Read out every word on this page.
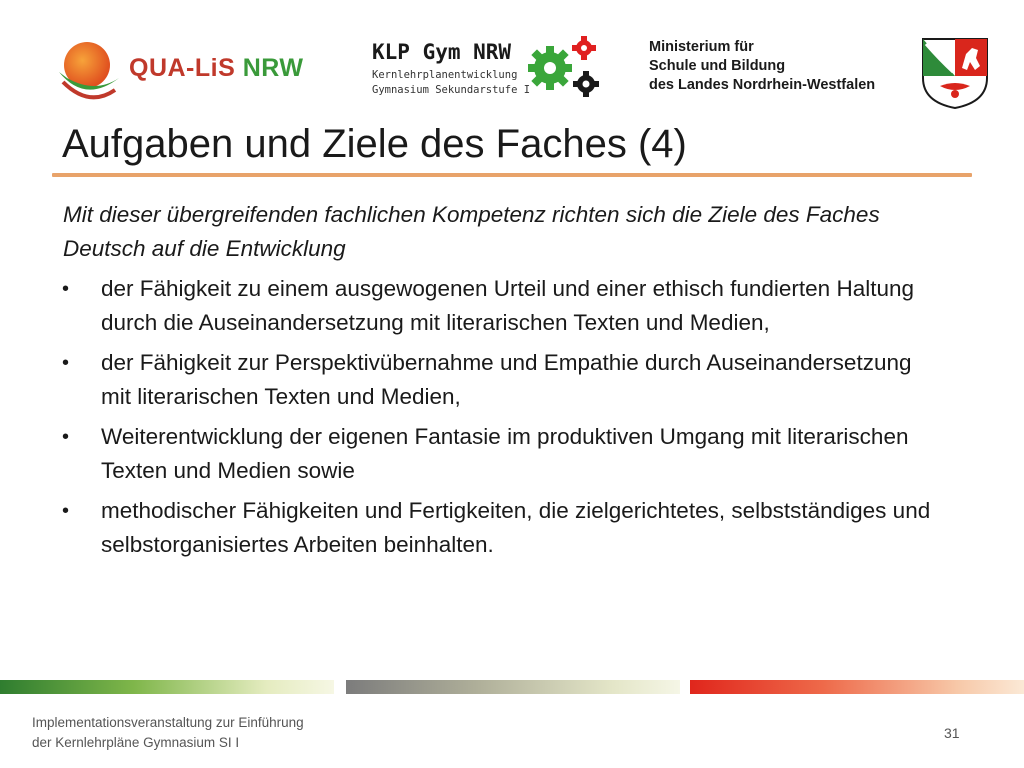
QUA-LiS NRW
KLP Gym NRW
Kernlehrplanentwicklung
Gymnasium Sekundarstufe I
Ministerium für
Schule und Bildung
des Landes Nordrhein-Westfalen
Aufgaben und Ziele des Faches (4)

Mit dieser übergreifenden fachlichen Kompetenz richten sich die Ziele des Faches Deutsch auf die Entwicklung

• der Fähigkeit zu einem ausgewogenen Urteil und einer ethisch fundierten Haltung durch die Auseinandersetzung mit literarischen Texten und Medien,
• der Fähigkeit zur Perspektivübernahme und Empathie durch Auseinandersetzung mit literarischen Texten und Medien,
• Weiterentwicklung der eigenen Fantasie im produktiven Umgang mit literarischen Texten und Medien sowie
• methodischer Fähigkeiten und Fertigkeiten, die zielgerichtetes, selbstständiges und selbstorganisiertes Arbeiten beinhalten.
Implementationsveranstaltung zur Einführung
der Kernlehrpläne Gymnasium SI I
31
